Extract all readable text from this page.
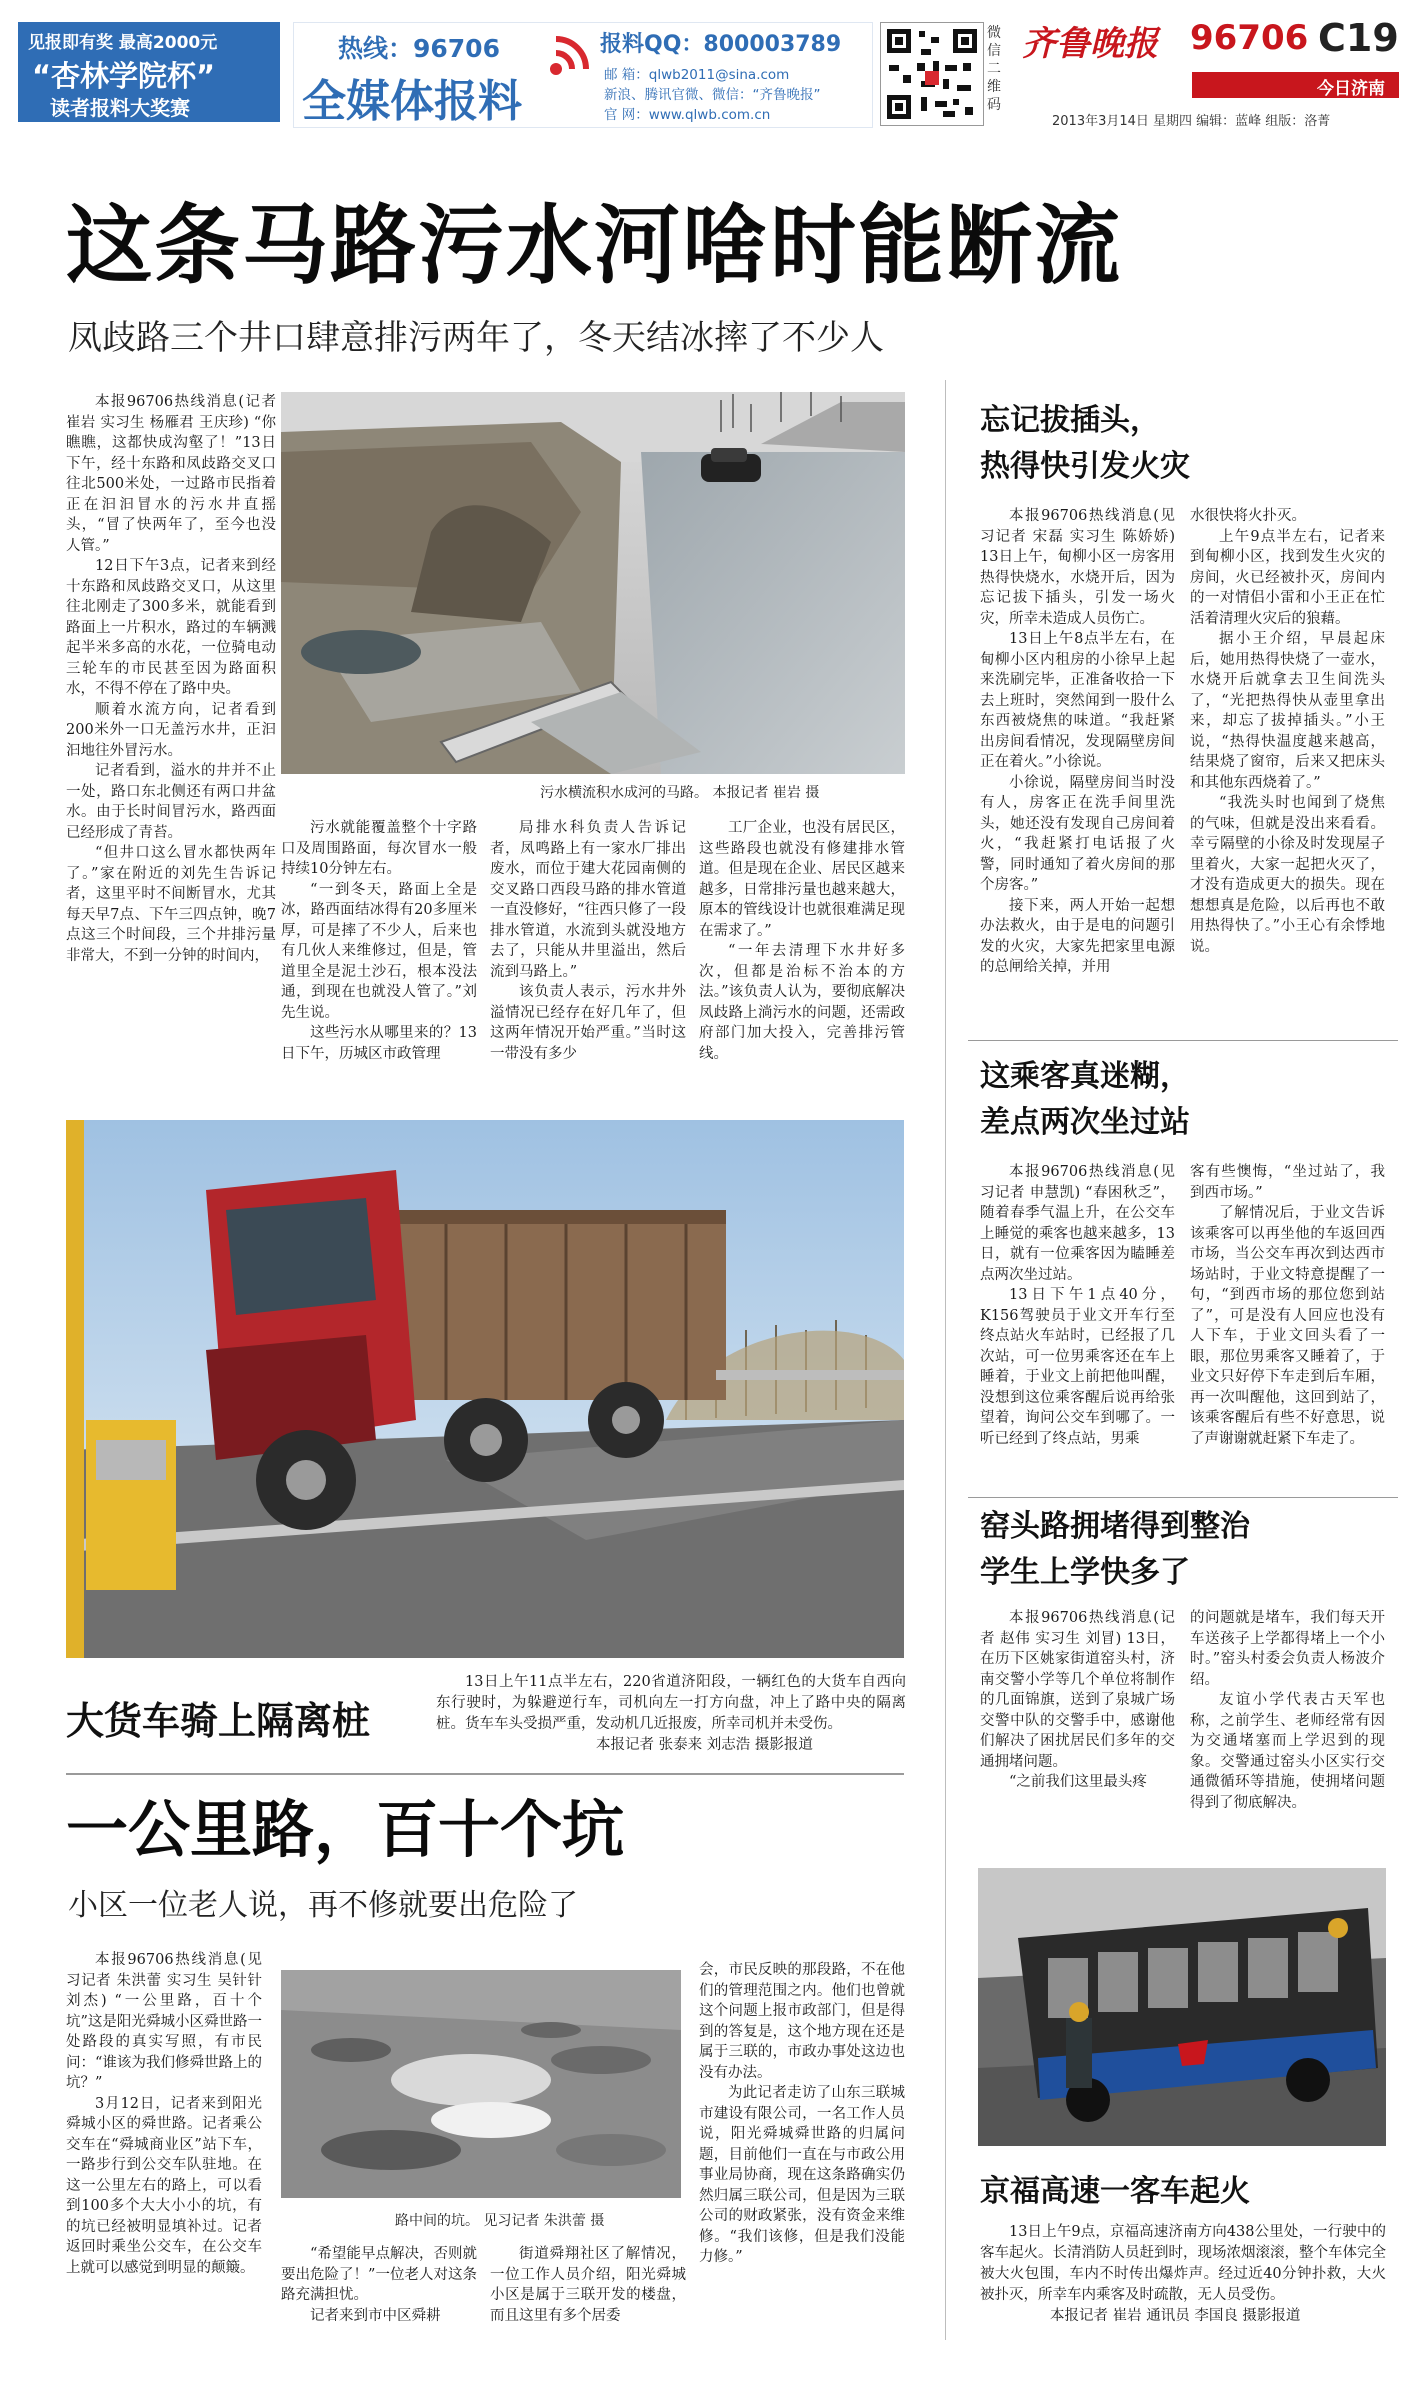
见报即有奖 最高2000元
“杏林学院杯”
读者报料大奖赛
热线：96706
全媒体报料
报料QQ：800003789
邮 箱：qlwb2011@sina.com
新浪、腾讯官微、微信：“齐鲁晚报”
官 网：www.qlwb.com.cn
微信二维码
齐鲁晚报 96706 C19
今日济南
2013年3月14日 星期四 编辑：蓝峰 组版：洛菁
这条马路污水河啥时能断流
凤歧路三个井口肆意排污两年了，冬天结冰摔了不少人

本报96706热线消息(记者 崔岩 实习生 杨雁君 王庆珍) “你瞧瞧，这都快成沟壑了！”13日下午，经十东路和凤歧路交叉口往北500米处，一过路市民指着正在汩汩冒水的污水井直摇头，“冒了快两年了，至今也没人管。”

12日下午3点，记者来到经十东路和凤歧路交叉口，从这里往北刚走了300多米，就能看到路面上一片积水，路过的车辆溅起半米多高的水花，一位骑电动三轮车的市民甚至因为路面积水，不得不停在了路中央。

顺着水流方向，记者看到200米外一口无盖污水井，正汩汩地往外冒污水。

记者看到，溢水的井并不止一处，路口东北侧还有两口井盆水。由于长时间冒污水，路西面已经形成了青苔。

“但井口这么冒水都快两年了。”家在附近的刘先生告诉记者，这里平时不间断冒水，尤其每天早7点、下午三四点钟，晚7点这三个时间段，三个井排污量非常大，不到一分钟的时间内，

污水横流积水成河的马路。 本报记者 崔岩 摄

污水就能覆盖整个十字路口及周围路面，每次冒水一般持续10分钟左右。

“一到冬天，路面上全是冰，路西面结冰得有20多厘米厚，可是摔了不少人，后来也有几伙人来维修过，但是，管道里全是泥土沙石，根本没法通，到现在也就没人管了。”刘先生说。

这些污水从哪里来的？13日下午，历城区市政管理

局排水科负责人告诉记者，凤鸣路上有一家水厂排出废水，而位于建大花园南侧的交叉路口西段马路的排水管道一直没修好，“往西只修了一段排水管道，水流到头就没地方去了，只能从井里溢出，然后流到马路上。”

该负责人表示，污水井外溢情况已经存在好几年了，但这两年情况开始严重。”当时这一带没有多少

工厂企业，也没有居民区，这些路段也就没有修建排水管道。但是现在企业、居民区越来越多，日常排污量也越来越大，原本的管线设计也就很难满足现在需求了。”

“一年去清理下水井好多次，但都是治标不治本的方法。”该负责人认为，要彻底解决凤歧路上淌污水的问题，还需政府部门加大投入，完善排污管线。

大货车骑上隔离桩
13日上午11点半左右，220省道济阳段，一辆红色的大货车自西向东行驶时，为躲避逆行车，司机向左一打方向盘，冲上了路中央的隔离桩。货车车头受损严重，发动机几近报废，所幸司机并未受伤。
本报记者 张泰来 刘志浩 摄影报道
一公里路，百十个坑
小区一位老人说，再不修就要出危险了

本报96706热线消息(见习记者 朱洪蕾 实习生 吴针针 刘杰) “一公里路，百十个坑”这是阳光舜城小区舜世路一处路段的真实写照，有市民问：“谁该为我们修舜世路上的坑？”

3月12日，记者来到阳光舜城小区的舜世路。记者乘公交车在“舜城商业区”站下车，一路步行到公交车队驻地。在这一公里左右的路上，可以看到100多个大大小小的坑，有的坑已经被明显填补过。记者返回时乘坐公交车，在公交车上就可以感觉到明显的颠簸。

路中间的坑。 见习记者 朱洪蕾 摄

“希望能早点解决，否则就要出危险了！”一位老人对这条路充满担忧。

记者来到市中区舜耕

街道舜翔社区了解情况，一位工作人员介绍，阳光舜城小区是属于三联开发的楼盘，而且这里有多个居委

会，市民反映的那段路，不在他们的管理范围之内。他们也曾就这个问题上报市政部门，但是得到的答复是，这个地方现在还是属于三联的，市政办事处这边也没有办法。

为此记者走访了山东三联城市建设有限公司，一名工作人员说，阳光舜城舜世路的归属问题，目前他们一直在与市政公用事业局协商，现在这条路确实仍然归属三联公司，但是因为三联公司的财政紧张，没有资金来维修。“我们该修，但是我们没能力修。”

忘记拔插头，
热得快引发火灾

本报96706热线消息(见习记者 宋磊 实习生 陈娇娇) 13日上午，甸柳小区一房客用热得快烧水，水烧开后，因为忘记拔下插头，引发一场火灾，所幸未造成人员伤亡。

13日上午8点半左右，在甸柳小区内租房的小徐早上起来洗刷完毕，正准备收拾一下去上班时，突然闻到一股什么东西被烧焦的味道。“我赶紧出房间看情况，发现隔壁房间正在着火。”小徐说。

小徐说，隔壁房间当时没有人，房客正在洗手间里洗头，她还没有发现自己房间着火，“我赶紧打电话报了火警，同时通知了着火房间的那个房客。”

接下来，两人开始一起想办法救火，由于是电的问题引发的火灾，大家先把家里电源的总闸给关掉，并用

水很快将火扑灭。

上午9点半左右，记者来到甸柳小区，找到发生火灾的房间，火已经被扑灭，房间内的一对情侣小雷和小王正在忙活着清理火灾后的狼藉。

据小王介绍，早晨起床后，她用热得快烧了一壶水，水烧开后就拿去卫生间洗头了，“光把热得快从壶里拿出来，却忘了拔掉插头。”小王说，“热得快温度越来越高，结果烧了窗帘，后来又把床头和其他东西烧着了。”

“我洗头时也闻到了烧焦的气味，但就是没出来看看。幸亏隔壁的小徐及时发现屋子里着火，大家一起把火灭了，才没有造成更大的损失。现在想想真是危险，以后再也不敢用热得快了。”小王心有余悸地说。

这乘客真迷糊，
差点两次坐过站

本报96706热线消息(见习记者 申慧凯) “春困秋乏”，随着春季气温上升，在公交车上睡觉的乘客也越来越多，13日，就有一位乘客因为瞌睡差点两次坐过站。

13日下午1点40分，K156驾驶员于业文开车行至终点站火车站时，已经报了几次站，可一位男乘客还在车上睡着，于业文上前把他叫醒，没想到这位乘客醒后说再给张望着，询问公交车到哪了。一听已经到了终点站，男乘

客有些懊悔，“坐过站了，我到西市场。”

了解情况后，于业文告诉该乘客可以再坐他的车返回西市场，当公交车再次到达西市场站时，于业文特意提醒了一句，“到西市场的那位您到站了”，可是没有人回应也没有人下车，于业文回头看了一眼，那位男乘客又睡着了，于业文只好停下车走到后车厢，再一次叫醒他，这回到站了，该乘客醒后有些不好意思，说了声谢谢就赶紧下车走了。

窑头路拥堵得到整治
学生上学快多了

本报96706热线消息(记者 赵伟 实习生 刘冒) 13日，在历下区姚家街道窑头村，济南交警小学等几个单位将制作的几面锦旗，送到了泉城广场交警中队的交警手中，感谢他们解决了困扰居民们多年的交通拥堵问题。

“之前我们这里最头疼

的问题就是堵车，我们每天开车送孩子上学都得堵上一个小时。”窑头村委会负责人杨波介绍。

友谊小学代表古天军也称，之前学生、老师经常有因为交通堵塞而上学迟到的现象。交警通过窑头小区实行交通微循环等措施，使拥堵问题得到了彻底解决。

京福高速一客车起火
13日上午9点，京福高速济南方向438公里处，一行驶中的客车起火。长清消防人员赶到时，现场浓烟滚滚，整个车体完全被大火包围，车内不时传出爆炸声。经过近40分钟扑救，大火被扑灭，所幸车内乘客及时疏散，无人员受伤。
本报记者 崔岩 通讯员 李国良 摄影报道
